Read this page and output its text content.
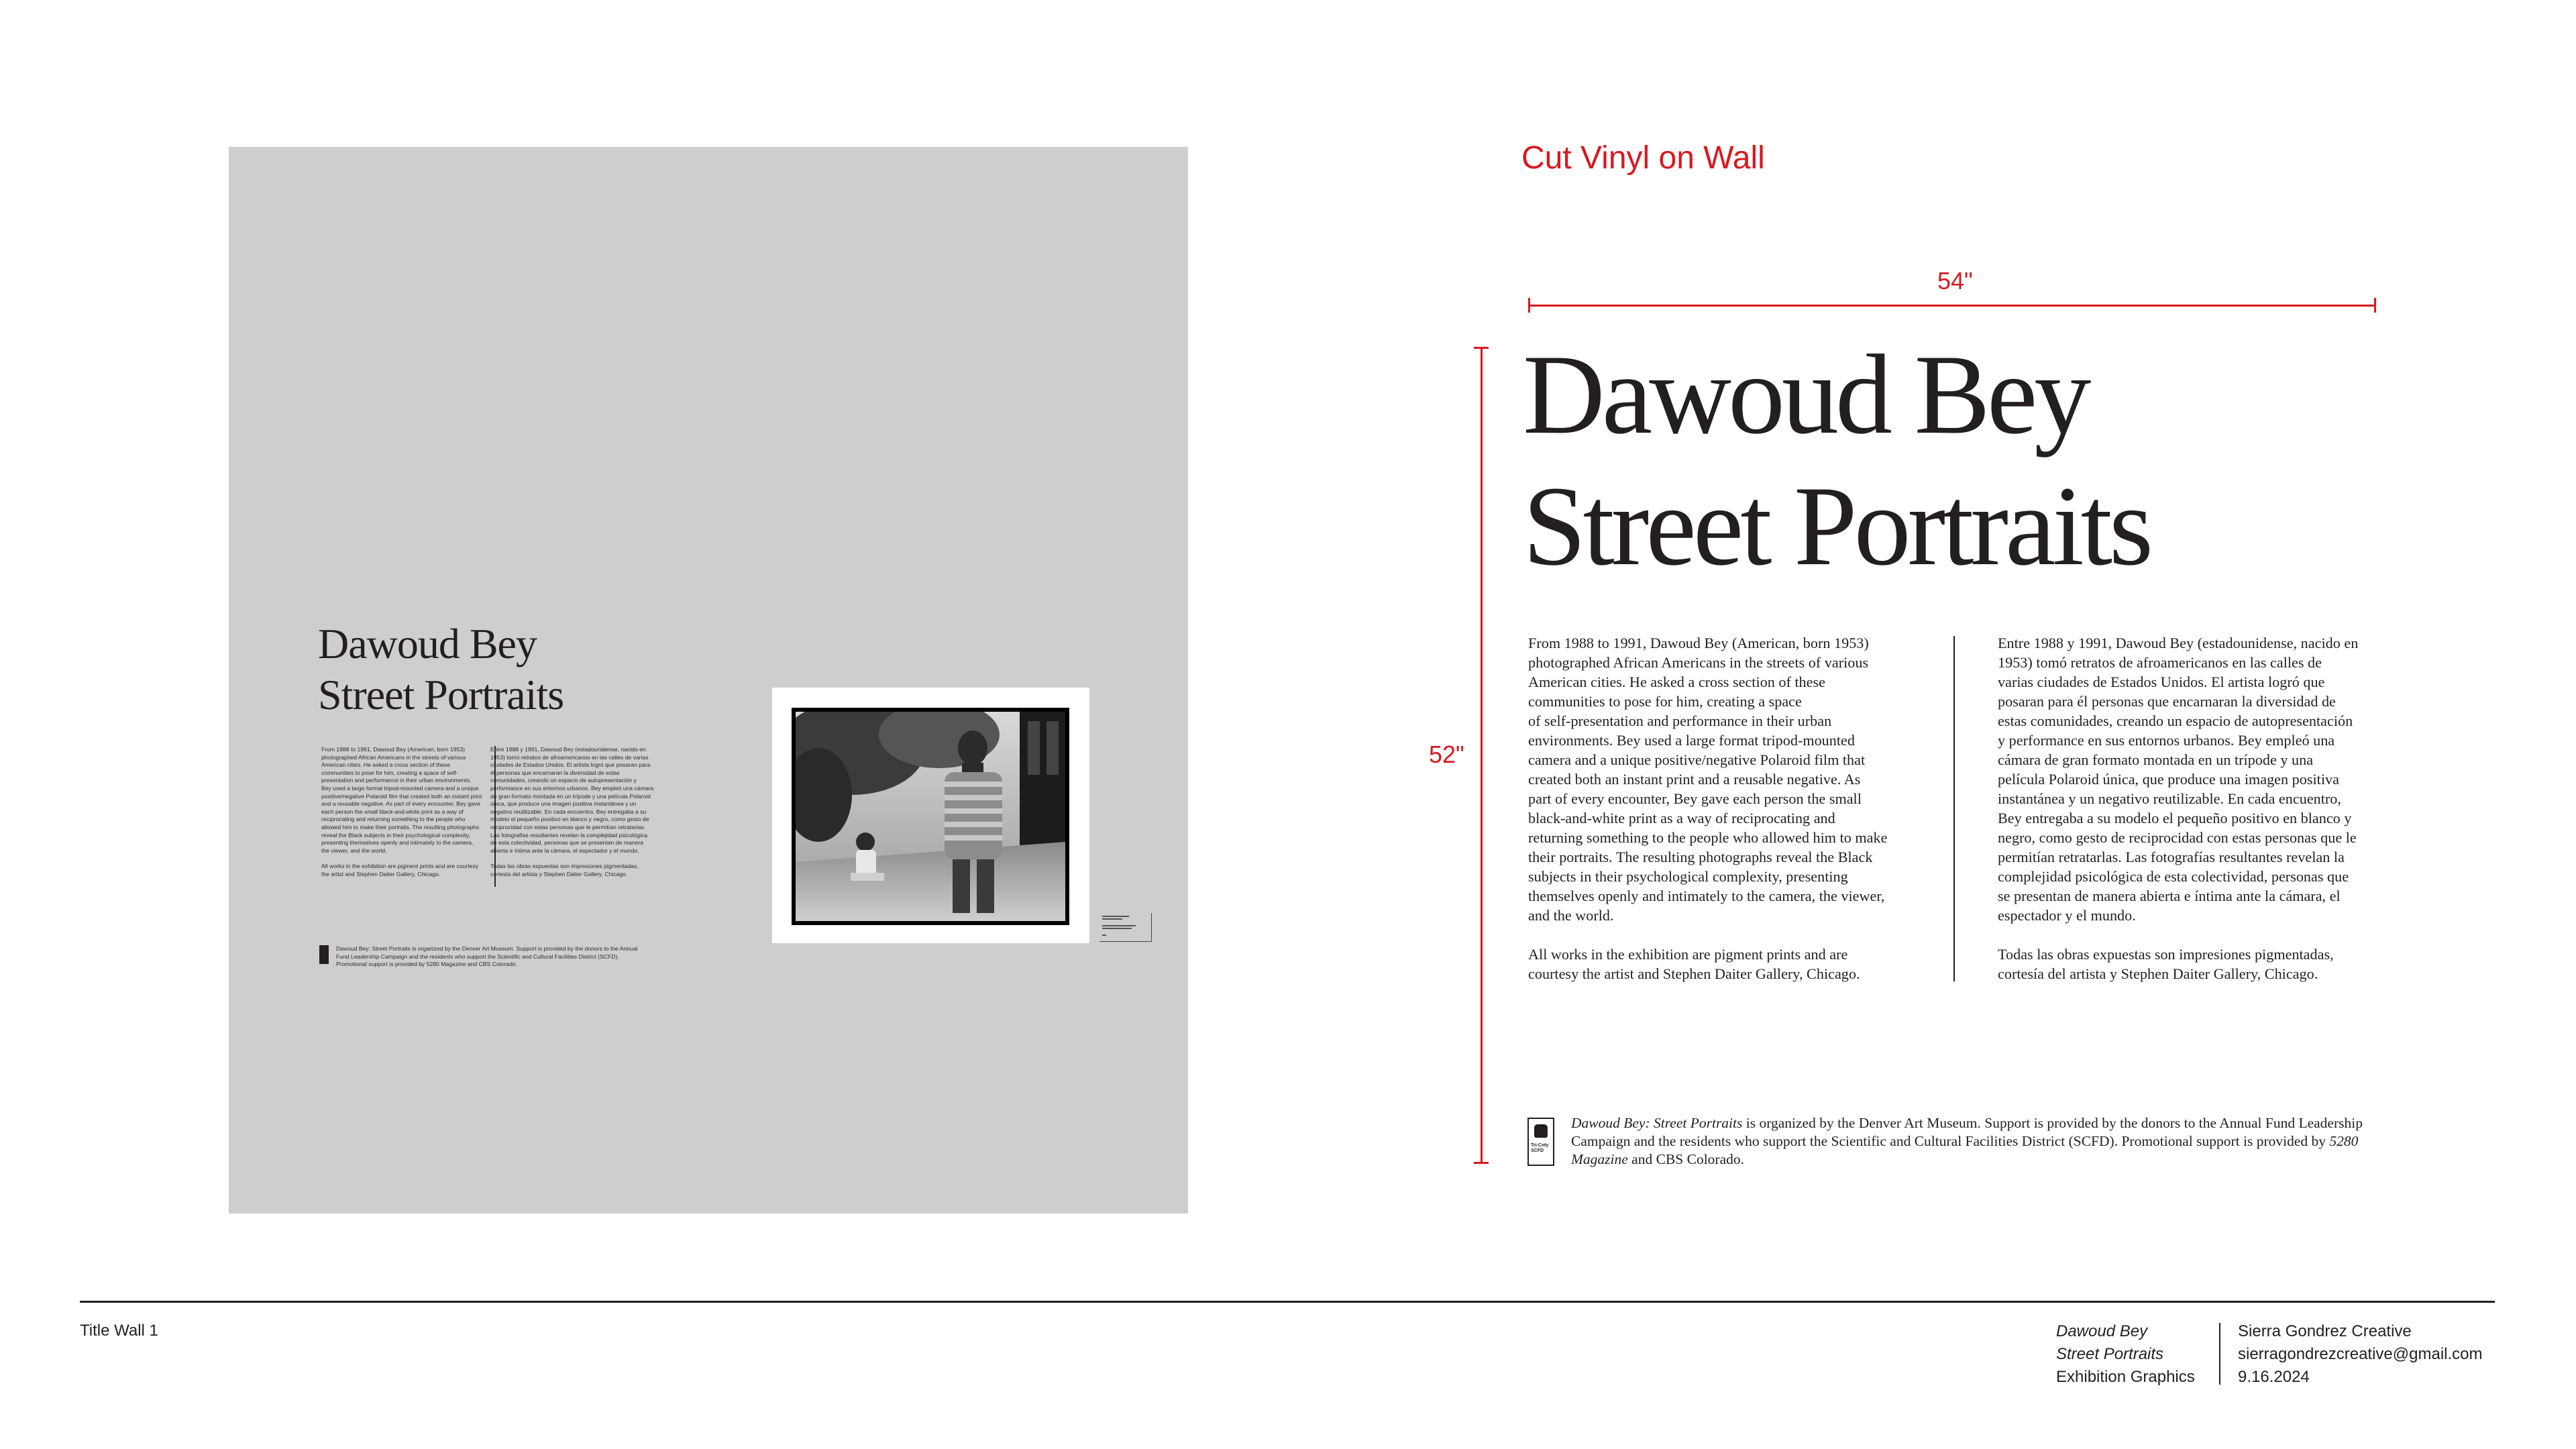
Dawoud Bey
Street Portraits
From 1988 to 1991, Dawoud Bey (American, born 1953) photographed African Americans in the streets of various American cities. He asked a cross section of these communities to pose for him, creating a space of self-presentation and performance in their urban environments. Bey used a large format tripod-mounted camera and a unique positive/negative Polaroid film that created both an instant print and a reusable negative. As part of every encounter, Bey gave each person the small black-and-white print as a way of reciprocating and returning something to the people who allowed him to make their portraits. The resulting photographs reveal the Black subjects in their psychological complexity, presenting themselves openly and intimately to the camera, the viewer, and the world.

All works in the exhibition are pigment prints and are courtesy the artist and Stephen Daiter Gallery, Chicago.
Entre 1988 y 1991, Dawoud Bey (estadounidense, nacido en 1953) tomó retratos de afroamericanos en las calles de varias ciudades de Estados Unidos. El artista logró que posaran para él personas que encarnaran la diversidad de estas comunidades, creando un espacio de autopresentación y performance en sus entornos urbanos. Bey empleó una cámara de gran formato montada en un trípode y una película Polaroid única, que produce una imagen positiva instantánea y un negativo reutilizable. En cada encuentro, Bey entregaba a su modelo el pequeño positivo en blanco y negro, como gesto de reciprocidad con estas personas que le permitían retratarlas. Las fotografías resultantes revelan la complejidad psicológica de esta colectividad, personas que se presentan de manera abierta e íntima ante la cámara, el espectador y el mundo.

Todas las obras expuestas son impresiones pigmentadas, cortesía del artista y Stephen Daiter Gallery, Chicago.
Dawoud Bey: Street Portraits is organized by the Denver Art Museum. Support is provided by the donors to the Annual
Fund Leadership Campaign and the residents who support the Scientific and Cultural Facilities District (SCFD).
Promotional support is provided by 5280 Magazine and CBS Colorado.
Cut Vinyl on Wall
54"
52"
Dawoud Bey
Street Portraits
From 1988 to 1991, Dawoud Bey (American, born 1953)
photographed African Americans in the streets of various
American cities. He asked a cross section of these
communities to pose for him, creating a space
of self-presentation and performance in their urban
environments. Bey used a large format tripod-mounted
camera and a unique positive/negative Polaroid film that
created both an instant print and a reusable negative. As
part of every encounter, Bey gave each person the small
black-and-white print as a way of reciprocating and
returning something to the people who allowed him to make
their portraits. The resulting photographs reveal the Black
subjects in their psychological complexity, presenting
themselves openly and intimately to the camera, the viewer,
and the world.

All works in the exhibition are pigment prints and are
courtesy the artist and Stephen Daiter Gallery, Chicago.
Entre 1988 y 1991, Dawoud Bey (estadounidense, nacido en
1953) tomó retratos de afroamericanos en las calles de
varias ciudades de Estados Unidos. El artista logró que
posaran para él personas que encarnaran la diversidad de
estas comunidades, creando un espacio de autopresentación
y performance en sus entornos urbanos. Bey empleó una
cámara de gran formato montada en un trípode y una
película Polaroid única, que produce una imagen positiva
instantánea y un negativo reutilizable. En cada encuentro,
Bey entregaba a su modelo el pequeño positivo en blanco y
negro, como gesto de reciprocidad con estas personas que le
permitían retratarlas. Las fotografías resultantes revelan la
complejidad psicológica de esta colectividad, personas que
se presentan de manera abierta e íntima ante la cámara, el
espectador y el mundo.

Todas las obras expuestas son impresiones pigmentadas,
cortesía del artista y Stephen Daiter Gallery, Chicago.
Tri-Cnty
SCFD
Dawoud Bey: Street Portraits is organized by the Denver Art Museum. Support is provided by the donors to the Annual Fund Leadership Campaign and the residents who support the Scientific and Cultural Facilities District (SCFD). Promotional support is provided by 5280 Magazine and CBS Colorado.
Title Wall 1	Dawoud Bey
Street Portraits
Exhibition Graphics
Sierra Gondrez Creative
sierragondrezcreative@gmail.com
9.16.2024
